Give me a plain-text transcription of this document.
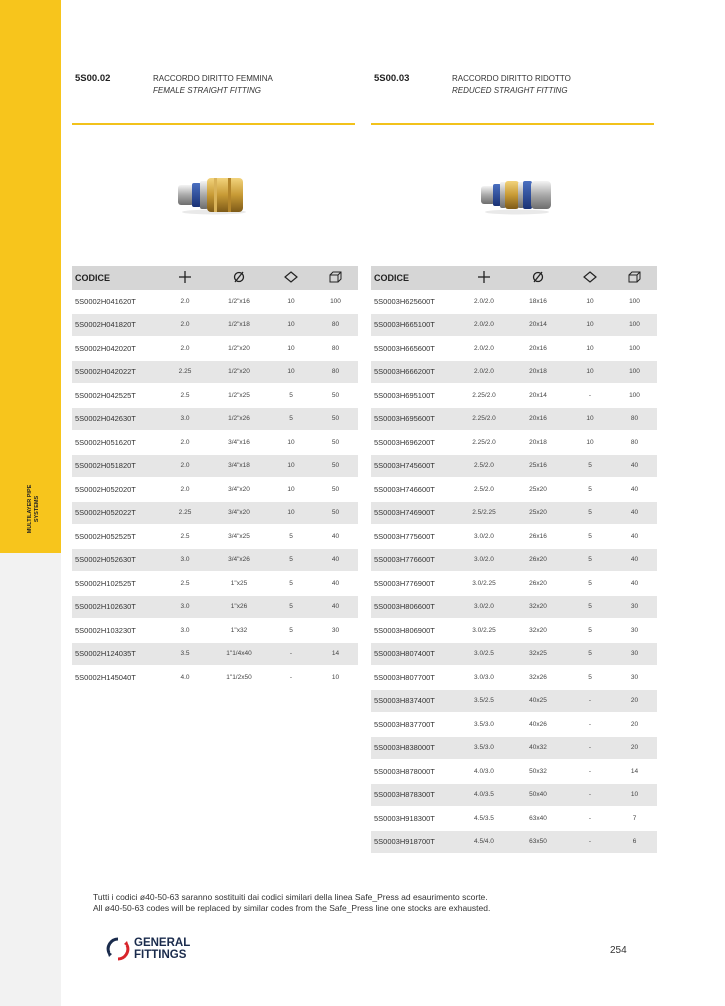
MULTILAYER PIPE SYSTEMS
5S00.02	RACCORDO DIRITTO FEMMINA
FEMALE STRAIGHT FITTING
CODICE				
5S0002H041620T	2.0	1/2"x16	10	100
5S0002H041820T	2.0	1/2"x18	10	80
5S0002H042020T	2.0	1/2"x20	10	80
5S0002H042022T	2.25	1/2"x20	10	80
5S0002H042525T	2.5	1/2"x25	5	50
5S0002H042630T	3.0	1/2"x26	5	50
5S0002H051620T	2.0	3/4"x16	10	50
5S0002H051820T	2.0	3/4"x18	10	50
5S0002H052020T	2.0	3/4"x20	10	50
5S0002H052022T	2.25	3/4"x20	10	50
5S0002H052525T	2.5	3/4"x25	5	40
5S0002H052630T	3.0	3/4"x26	5	40
5S0002H102525T	2.5	1"x25	5	40
5S0002H102630T	3.0	1"x26	5	40
5S0002H103230T	3.0	1"x32	5	30
5S0002H124035T	3.5	1"1/4x40	-	14
5S0002H145040T	4.0	1"1/2x50	-	10
5S00.03	RACCORDO DIRITTO RIDOTTO
REDUCED STRAIGHT FITTING
CODICE				
5S0003H625600T	2.0/2.0	18x16	10	100
5S0003H665100T	2.0/2.0	20x14	10	100
5S0003H665600T	2.0/2.0	20x16	10	100
5S0003H666200T	2.0/2.0	20x18	10	100
5S0003H695100T	2.25/2.0	20x14	-	100
5S0003H695600T	2.25/2.0	20x16	10	80
5S0003H696200T	2.25/2.0	20x18	10	80
5S0003H745600T	2.5/2.0	25x16	5	40
5S0003H746600T	2.5/2.0	25x20	5	40
5S0003H746900T	2.5/2.25	25x20	5	40
5S0003H775600T	3.0/2.0	26x16	5	40
5S0003H776600T	3.0/2.0	26x20	5	40
5S0003H776900T	3.0/2.25	26x20	5	40
5S0003H806600T	3.0/2.0	32x20	5	30
5S0003H806900T	3.0/2.25	32x20	5	30
5S0003H807400T	3.0/2.5	32x25	5	30
5S0003H807700T	3.0/3.0	32x26	5	30
5S0003H837400T	3.5/2.5	40x25	-	20
5S0003H837700T	3.5/3.0	40x26	-	20
5S0003H838000T	3.5/3.0	40x32	-	20
5S0003H878000T	4.0/3.0	50x32	-	14
5S0003H878300T	4.0/3.5	50x40	-	10
5S0003H918300T	4.5/3.5	63x40	-	7
5S0003H918700T	4.5/4.0	63x50	-	6
Tutti i codici ø40-50-63 saranno sostituiti dai codici similari della linea Safe_Press ad esaurimento scorte.
All ø40-50-63 codes will be replaced by similar codes from the Safe_Press line one stocks are exhausted.
GENERAL
FITTINGS	254
